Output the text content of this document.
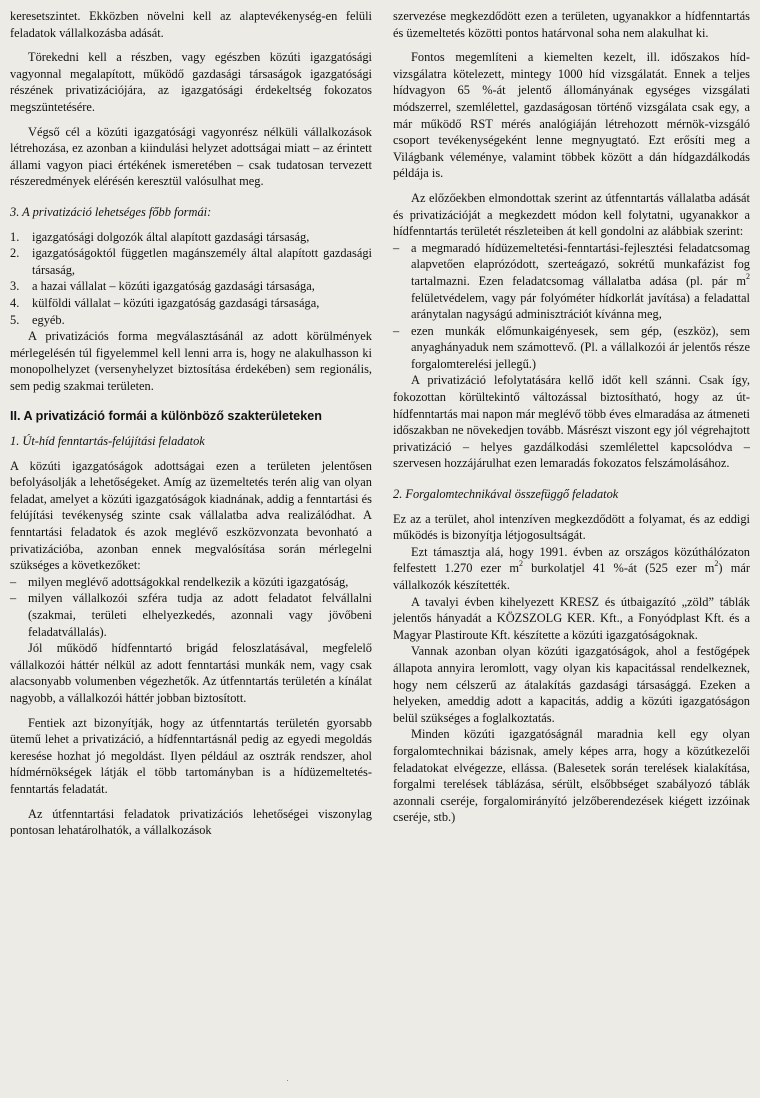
keresetszintet. Ekközben növelni kell az alaptevékenység-en felüli feladatok vállalkozásba adását.

Törekedni kell a részben, vagy egészben közúti igazgatósági vagyonnal megalapított, működő gazdasági társaságok igazgatósági részének privatizációjára, az igazgatósági érdekeltség fokozatos megszüntetésére.

Végső cél a közúti igazgatósági vagyonrész nélküli vállalkozások létrehozása, ez azonban a kiindulási helyzet adottságai miatt – az érintett állami vagyon piaci értékének ismeretében – csak tudatosan tervezett részeredmények elérésén keresztül valósulhat meg.

3. A privatizáció lehetséges főbb formái:

1. igazgatósági dolgozók által alapított gazdasági társaság,
2. igazgatóságoktól független magánszemély által alapított gazdasági társaság,
3. a hazai vállalat – közúti igazgatóság gazdasági társasága,
4. külföldi vállalat – közúti igazgatóság gazdasági társasága,
5. egyéb.

A privatizációs forma megválasztásánál az adott körülmények mérlegelésén túl figyelemmel kell lenni arra is, hogy ne alakulhasson ki monopolhelyzet (versenyhelyzet biztosítása érdekében) sem regionális, sem pedig szakmai területen.

II. A privatizáció formái a különböző szakterületeken

1. Út-híd fenntartás-felújítási feladatok

A közúti igazgatóságok adottságai ezen a területen jelentősen befolyásolják a lehetőségeket. Amíg az üzemeltetés terén alig van olyan feladat, amelyet a közúti igazgatóságok kiadnának, addig a fenntartási és felújítási tevékenység szinte csak vállalatba adva realizálódhat. A fenntartási feladatok és azok meglévő eszközvonzata bevonható a privatizációba, azonban ennek megvalósítása során mérlegelni szükséges a következőket:

– milyen meglévő adottságokkal rendelkezik a közúti igazgatóság,
– milyen vállalkozói szféra tudja az adott feladatot felvállalni (szakmai, területi elhelyezkedés, azonnali vagy jövőbeni feladatvállalás).

Jól működő hídfenntartó brigád feloszlatásával, megfelelő vállalkozói háttér nélkül az adott fenntartási munkák nem, vagy csak alacsonyabb volumenben végezhetők. Az útfenntartás területén a kínálat nagyobb, a vállalkozói háttér jobban biztosított.

Fentiek azt bizonyítják, hogy az útfenntartás területén gyorsabb ütemű lehet a privatizáció, a hídfenntartásnál pedig az egyedi megoldás keresése hozhat jó megoldást. Ilyen például az osztrák rendszer, ahol hídmérnökségek látják el több tartományban is a hídüzemeltetés-fenntartás feladatát.

Az útfenntartási feladatok privatizációs lehetőségei viszonylag pontosan lehatárolhatók, a vállalkozások

szervezése megkezdődött ezen a területen, ugyanakkor a hídfenntartás és üzemeltetés közötti pontos határvonal soha nem alakulhat ki.

Fontos megemlíteni a kiemelten kezelt, ill. időszakos híd-vizsgálatra kötelezett, mintegy 1000 híd vizsgálatát. Ennek a teljes hídvagyon 65 %-át jelentő állományának egységes vizsgálati módszerrel, szemlélettel, gazdaságosan történő vizsgálata csak egy, a már működő RST mérés analógiáján létrehozott mérnök-vizsgáló csoport tevékenységeként lenne megnyugtató. Ezt erősíti meg a Világbank véleménye, valamint többek között a dán hídgazdálkodás példája is.

Az előzőekben elmondottak szerint az útfenntartás vállalatba adását és privatizációját a megkezdett módon kell folytatni, ugyanakkor a hídfenntartás területét részleteiben át kell gondolni az alábbiak szerint:

– a megmaradó hídüzemeltetési-fenntartási-fejlesztési feladatcsomag alapvetően elaprózódott, szerteágazó, sokrétű munkafázist fog tartalmazni. Ezen feladatcsomag vállalatba adása (pl. pár $m^2$ felületvédelem, vagy pár folyóméter hídkorlát javítása) a feladattal aránytalan nagyságú adminisztrációt kívánna meg,
– ezen munkák előmunkaigényesek, sem gép, (eszköz), sem anyaghányaduk nem számottevő. (Pl. a vállalkozói ár jelentős része forgalomterelési jellegű.)

A privatizáció lefolytatására kellő időt kell szánni. Csak így, fokozottan körültekintő változással biztosítható, hogy az út-hídfenntartás mai napon már meglévő több éves elmaradása az átmeneti időszakban ne növekedjen tovább. Másrészt viszont egy jól végrehajtott privatizáció – helyes gazdálkodási szemlélettel kapcsolódva – szervesen hozzájárulhat ezen lemaradás fokozatos felszámolásához.

2. Forgalomtechnikával összefüggő feladatok

Ez az a terület, ahol intenzíven megkezdődött a folyamat, és az eddigi működés is bizonyítja létjogosultságát.

Ezt támasztja alá, hogy 1991. évben az országos közúthálózaton felfestett 1.270 ezer $m^2$ burkolatjel 41 %-át (525 ezer $m^2$) már vállalkozók készítették.

A tavalyi évben kihelyezett KRESZ és útbaigazító „zöld” táblák jelentős hányadát a KÖZSZOLG KER. Kft., a Fonyódplast Kft. és a Magyar Plastiroute Kft. készítette a közúti igazgatóságoknak.

Vannak azonban olyan közúti igazgatóságok, ahol a festőgépek állapota annyira leromlott, vagy olyan kis kapacitással rendelkeznek, hogy nem célszerű az átalakítás gazdasági társasággá. Ezeken a helyeken, ameddig adott a kapacitás, addig a közúti igazgatóságon belül szükséges a foglalkoztatás.

Minden közúti igazgatóságnál maradnia kell egy olyan forgalomtechnikai bázisnak, amely képes arra, hogy a közútkezelői feladatokat elvégezze, ellássa. (Balesetek során terelések kialakítása, forgalmi terelések táblázása, sérült, elsőbbséget szabályozó táblák azonnali cseréje, forgalomirányító jelzőberendezések kiégett izzóinak cseréje, stb.)
